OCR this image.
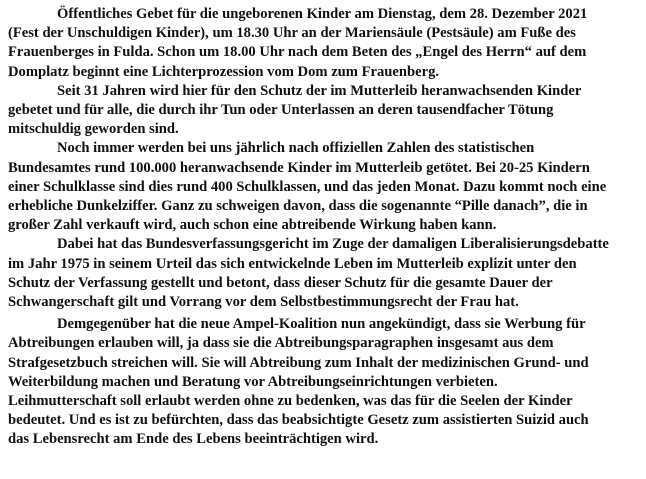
Öffentliches Gebet für die ungeborenen Kinder am Dienstag, dem 28. Dezember 2021
(Fest der Unschuldigen Kinder), um 18.30 Uhr an der Mariensäule (Pestsäule) am Fuße des
Frauenberges in Fulda. Schon um 18.00 Uhr nach dem Beten des „Engel des Herrn“ auf dem
Domplatz beginnt eine Lichterprozession vom Dom zum Frauenberg.
Seit 31 Jahren wird hier für den Schutz der im Mutterleib heranwachsenden Kinder
gebetet und für alle, die durch ihr Tun oder Unterlassen an deren tausendfacher Tötung
mitschuldig geworden sind.
Noch immer werden bei uns jährlich nach offiziellen Zahlen des statistischen
Bundesamtes rund 100.000 heranwachsende Kinder im Mutterleib getötet. Bei 20-25 Kindern
einer Schulklasse sind dies rund 400 Schulklassen, und das jeden Monat. Dazu kommt noch eine
erhebliche Dunkelziffer. Ganz zu schweigen davon, dass die sogenannte “Pille danach”, die in
großer Zahl verkauft wird, auch schon eine abtreibende Wirkung haben kann.
Dabei hat das Bundesverfassungsgericht im Zuge der damaligen Liberalisierungsdebatte
im Jahr 1975 in seinem Urteil das sich entwickelnde Leben im Mutterleib explizit unter den
Schutz der Verfassung gestellt und betont, dass dieser Schutz für die gesamte Dauer der
Schwangerschaft gilt und Vorrang vor dem Selbstbestimmungsrecht der Frau hat.
Demgegenüber hat die neue Ampel-Koalition nun angekündigt, dass sie Werbung für
Abtreibungen erlauben will, ja dass sie die Abtreibungsparagraphen insgesamt aus dem
Strafgesetzbuch streichen will. Sie will Abtreibung zum Inhalt der medizinischen Grund- und
Weiterbildung machen und Beratung vor Abtreibungseinrichtungen verbieten.
Leihmutterschaft soll erlaubt werden ohne zu bedenken, was das für die Seelen der Kinder
bedeutet. Und es ist zu befürchten, dass das beabsichtigte Gesetz zum assistierten Suizid auch
das Lebensrecht am Ende des Lebens beeinträchtigen wird.
